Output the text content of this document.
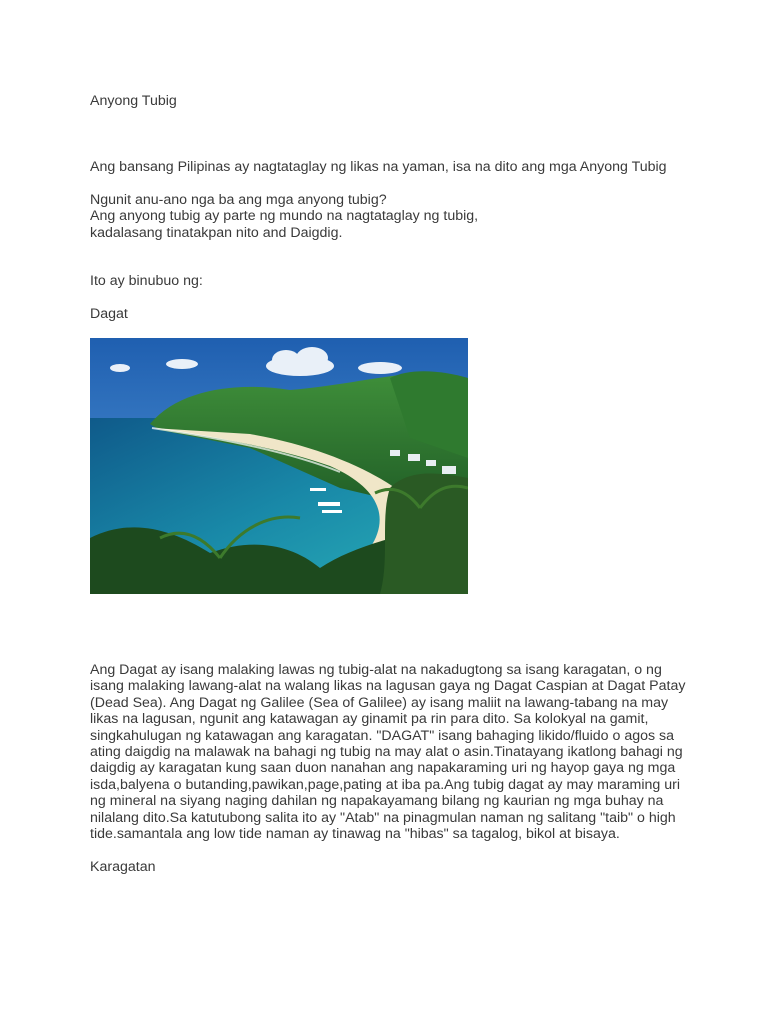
Anyong Tubig
Ang bansang Pilipinas ay nagtataglay ng likas na yaman, isa na dito ang mga Anyong Tubig
Ngunit anu-ano nga ba ang mga anyong tubig?
Ang anyong tubig ay parte ng mundo na nagtataglay ng tubig,
kadalasang tinatakpan nito and Daigdig.
Ito ay binubuo ng:
Dagat
Ang Dagat ay isang malaking lawas ng tubig-alat na nakadugtong sa isang karagatan, o ng
isang malaking lawang-alat na walang likas na lagusan gaya ng Dagat Caspian at Dagat Patay
(Dead Sea). Ang Dagat ng Galilee (Sea of Galilee) ay isang maliit na lawang-tabang na may
likas na lagusan, ngunit ang katawagan ay ginamit pa rin para dito. Sa kolokyal na gamit,
singkahulugan ng katawagan ang karagatan. "DAGAT" isang bahaging likido/fluido o agos sa
ating daigdig na malawak na bahagi ng tubig na may alat o asin.Tinatayang ikatlong bahagi ng
daigdig ay karagatan kung saan duon nanahan ang napakaraming uri ng hayop gaya ng mga
isda,balyena o butanding,pawikan,page,pating at iba pa.Ang tubig dagat ay may maraming uri
ng mineral na siyang naging dahilan ng napakayamang bilang ng kaurian ng mga buhay na
nilalang dito.Sa katutubong salita ito ay "Atab" na pinagmulan naman ng salitang "taib" o high
tide.samantala ang low tide naman ay tinawag na "hibas" sa tagalog, bikol at bisaya.
Karagatan
